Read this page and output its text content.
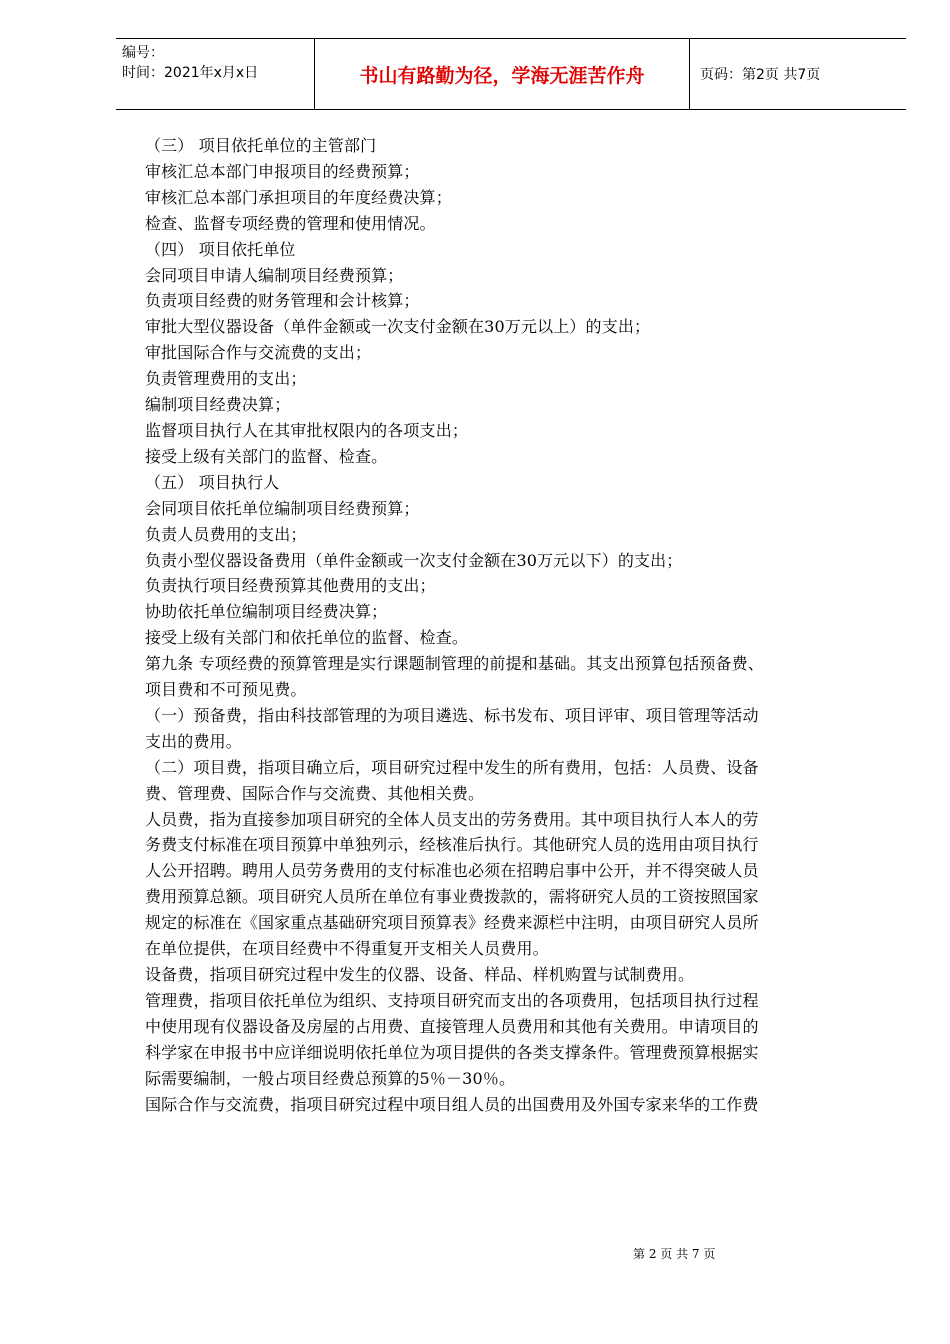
编号：
时间：2021年x月x日	书山有路勤为径，学海无涯苦作舟	页码：第2页 共7页

（三） 项目依托单位的主管部门

审核汇总本部门申报项目的经费预算；

审核汇总本部门承担项目的年度经费决算；

检查、监督专项经费的管理和使用情况。

（四） 项目依托单位

会同项目申请人编制项目经费预算；

负责项目经费的财务管理和会计核算；

审批大型仪器设备（单件金额或一次支付金额在30万元以上）的支出；

审批国际合作与交流费的支出；

负责管理费用的支出；

编制项目经费决算；

监督项目执行人在其审批权限内的各项支出；

接受上级有关部门的监督、检查。

（五） 项目执行人

会同项目依托单位编制项目经费预算；

负责人员费用的支出；

负责小型仪器设备费用（单件金额或一次支付金额在30万元以下）的支出；

负责执行项目经费预算其他费用的支出；

协助依托单位编制项目经费决算；

接受上级有关部门和依托单位的监督、检查。

第九条 专项经费的预算管理是实行课题制管理的前提和基础。其支出预算包括预备费、

项目费和不可预见费。

（一）预备费，指由科技部管理的为项目遴选、标书发布、项目评审、项目管理等活动

支出的费用。

（二）项目费，指项目确立后，项目研究过程中发生的所有费用，包括：人员费、设备

费、管理费、国际合作与交流费、其他相关费。

人员费，指为直接参加项目研究的全体人员支出的劳务费用。其中项目执行人本人的劳

务费支付标准在项目预算中单独列示，经核准后执行。其他研究人员的选用由项目执行

人公开招聘。聘用人员劳务费用的支付标准也必须在招聘启事中公开，并不得突破人员

费用预算总额。项目研究人员所在单位有事业费拨款的，需将研究人员的工资按照国家

规定的标准在《国家重点基础研究项目预算表》经费来源栏中注明，由项目研究人员所

在单位提供，在项目经费中不得重复开支相关人员费用。

设备费，指项目研究过程中发生的仪器、设备、样品、样机购置与试制费用。

管理费，指项目依托单位为组织、支持项目研究而支出的各项费用，包括项目执行过程

中使用现有仪器设备及房屋的占用费、直接管理人员费用和其他有关费用。申请项目的

科学家在申报书中应详细说明依托单位为项目提供的各类支撑条件。管理费预算根据实

际需要编制，一般占项目经费总预算的5％－30％。

国际合作与交流费，指项目研究过程中项目组人员的出国费用及外国专家来华的工作费

第 2 页 共 7 页
